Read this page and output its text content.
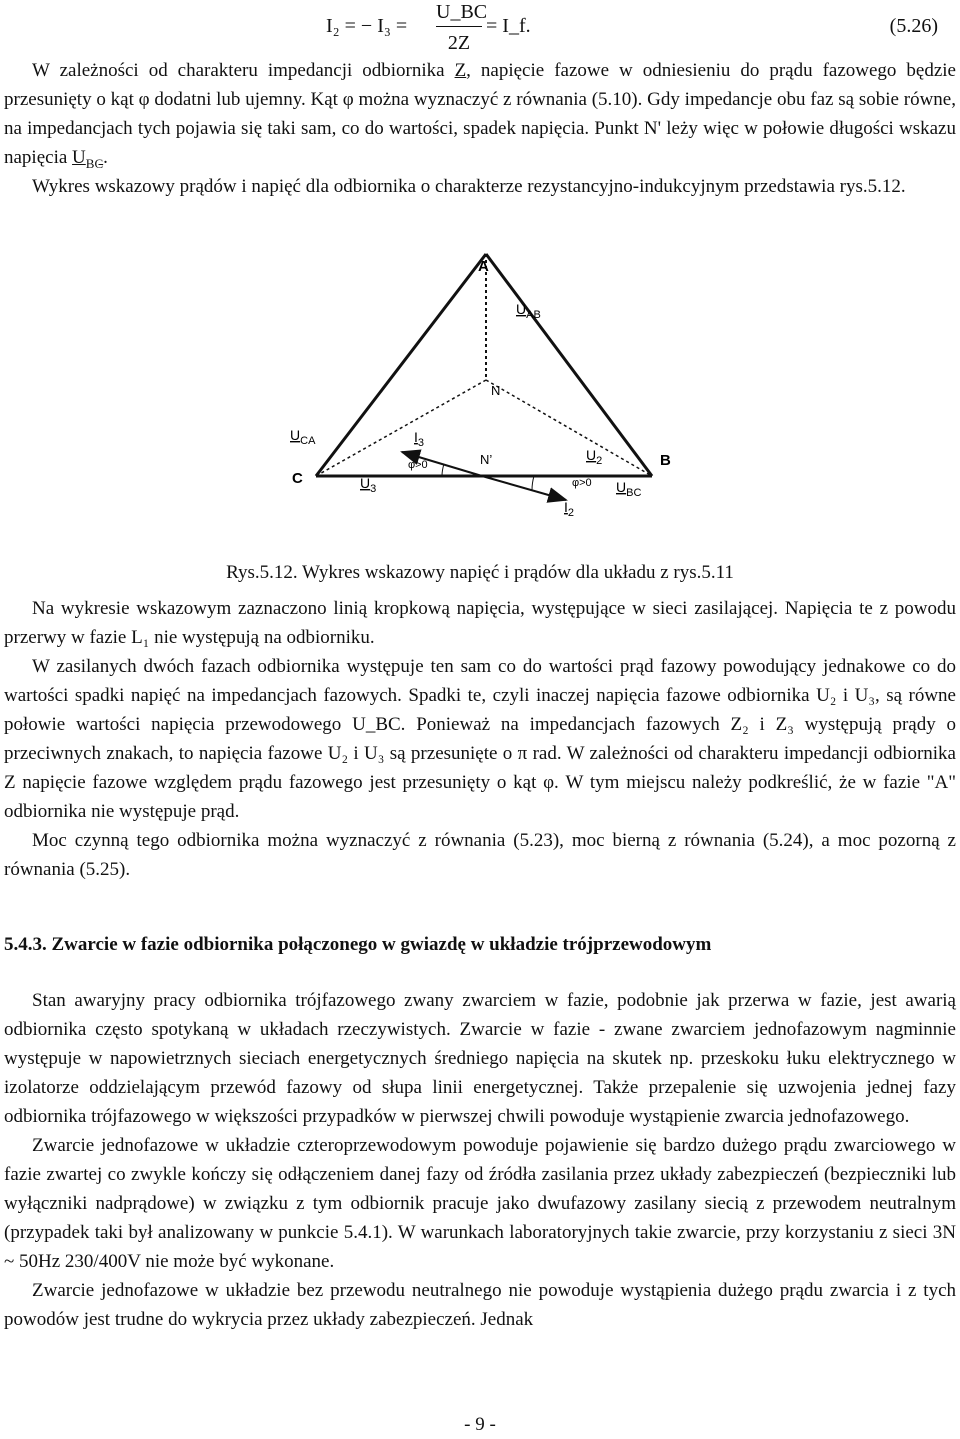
I₂ = − $I_3 = \frac{U\_BC}{2Z}$ = I_f.	(5.26)

W zależności od charakteru impedancji odbiornika Z, napięcie fazowe w odniesieniu do prądu fazowego będzie przesunięty o kąt φ dodatni lub ujemny. Kąt φ można wyznaczyć z równania (5.10). Gdy impedancje obu faz są sobie równe, na impedancjach tych pojawia się taki sam, co do wartości, spadek napięcia. Punkt N' leży więc w połowie długości wskazu napięcia $U_{BC}$.

Wykres wskazowy prądów i napięć dla odbiornika o charakterze rezystancyjno-indukcyjnym przedstawia rys.5.12.

A
C
B
N
N’
$U_{AB}$
$U_{CA}$
$U_{BC}$
$I_3$
$I_2$
$U_3$
$U_2$
φ>0
φ>0
Rys.5.12. Wykres wskazowy napięć i prądów dla układu z rys.5.11

Na wykresie wskazowym zaznaczono linią kropkową napięcia, występujące w sieci zasilającej. Napięcia te z powodu przerwy w fazie L₁ nie występują na odbiorniku.

W zasilanych dwóch fazach odbiornika występuje ten sam co do wartości prąd fazowy powodujący jednakowe co do wartości spadki napięć na impedancjach fazowych. Spadki te, czyli inaczej napięcia fazowe odbiornika U₂ i U₃, są równe połowie wartości napięcia przewodowego U_BC. Ponieważ na impedancjach fazowych Z₂ i Z₃ występują prądy o przeciwnych znakach, to napięcia fazowe U₂ i U₃ są przesunięte o π rad. W zależności od charakteru impedancji odbiornika Z napięcie fazowe względem prądu fazowego jest przesunięty o kąt φ. W tym miejscu należy podkreślić, że w fazie "A" odbiornika nie występuje prąd.

Moc czynną tego odbiornika można wyznaczyć z równania (5.23), moc bierną z równania (5.24), a moc pozorną z równania (5.25).

5.4.3. Zwarcie w fazie odbiornika połączonego w gwiazdę w układzie trójprzewodowym

Stan awaryjny pracy odbiornika trójfazowego zwany zwarciem w fazie, podobnie jak przerwa w fazie, jest awarią odbiornika często spotykaną w układach rzeczywistych. Zwarcie w fazie - zwane zwarciem jednofazowym nagminnie występuje w napowietrznych sieciach energetycznych średniego napięcia na skutek np. przeskoku łuku elektrycznego w izolatorze oddzielającym przewód fazowy od słupa linii energetycznej. Także przepalenie się uzwojenia jednej fazy odbiornika trójfazowego w większości przypadków w pierwszej chwili powoduje wystąpienie zwarcia jednofazowego.

Zwarcie jednofazowe w układzie czteroprzewodowym powoduje pojawienie się bardzo dużego prądu zwarciowego w fazie zwartej co zwykle kończy się odłączeniem danej fazy od źródła zasilania przez układy zabezpieczeń (bezpieczniki lub wyłączniki nadprądowe) w związku z tym odbiornik pracuje jako dwufazowy zasilany siecią z przewodem neutralnym (przypadek taki był analizowany w punkcie 5.4.1). W warunkach laboratoryjnych takie zwarcie, przy korzystaniu z sieci 3N ~ 50Hz 230/400V nie może być wykonane.

Zwarcie jednofazowe w układzie bez przewodu neutralnego nie powoduje wystąpienia dużego prądu zwarcia i z tych powodów jest trudne do wykrycia przez układy zabezpieczeń. Jednak

- 9 -
